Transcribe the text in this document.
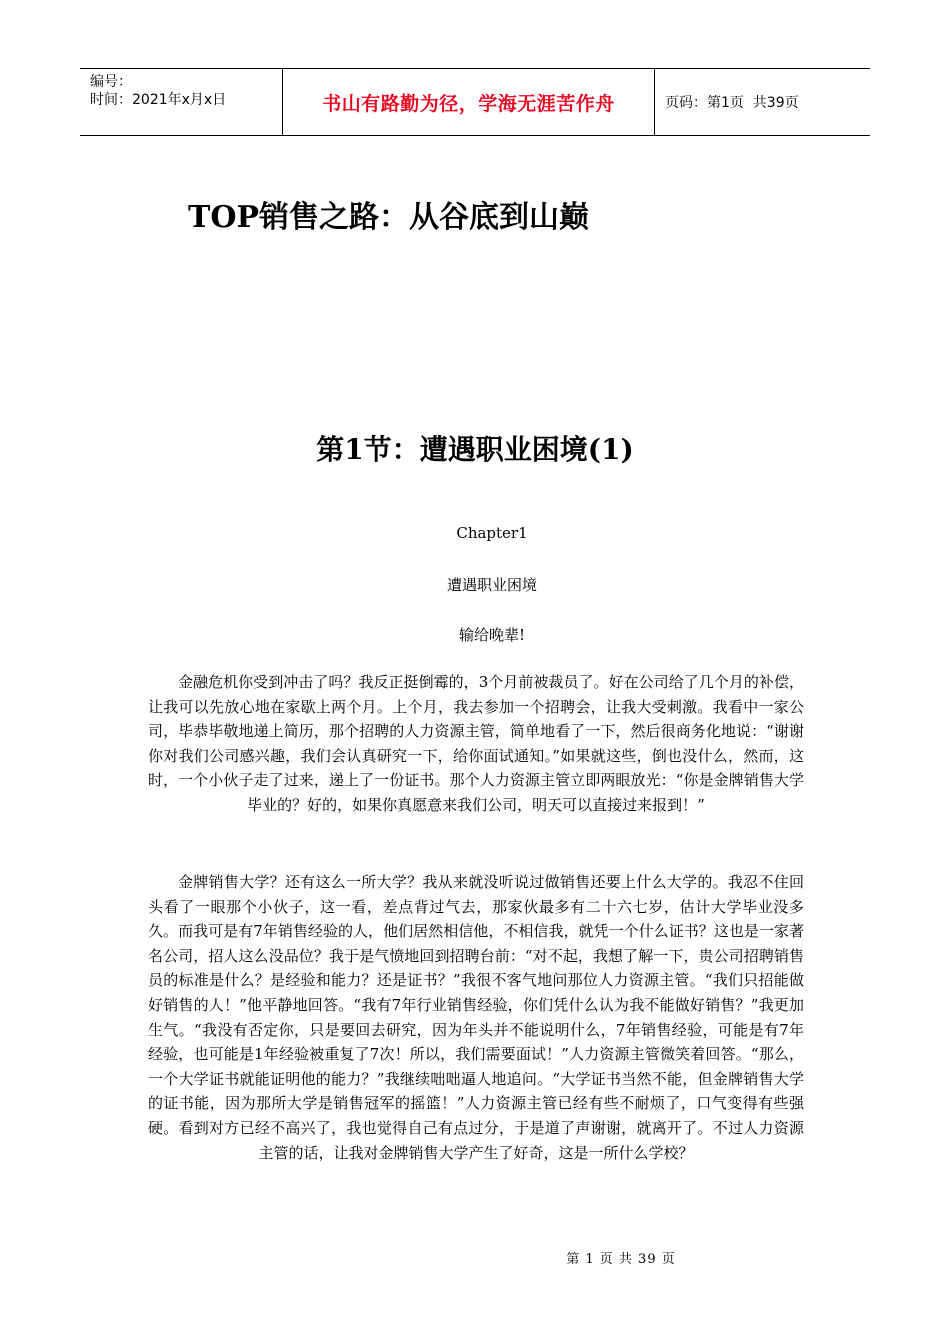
编号：
时间：2021年x月x日	书山有路勤为径，学海无涯苦作舟	页码：第1页  共39页
TOP销售之路：从谷底到山巅
第1节：遭遇职业困境(1)
Chapter1
遭遇职业困境
输给晚辈!

金融危机你受到冲击了吗？我反正挺倒霉的，3个月前被裁员了。好在公司给了几个月的补偿，让我可以先放心地在家歇上两个月。上个月，我去参加一个招聘会，让我大受刺激。我看中一家公司，毕恭毕敬地递上简历，那个招聘的人力资源主管，简单地看了一下，然后很商务化地说：“谢谢你对我们公司感兴趣，我们会认真研究一下，给你面试通知。”如果就这些，倒也没什么，然而，这时，一个小伙子走了过来，递上了一份证书。那个人力资源主管立即两眼放光：“你是金牌销售大学毕业的？好的，如果你真愿意来我们公司，明天可以直接过来报到！”

金牌销售大学？还有这么一所大学？我从来就没听说过做销售还要上什么大学的。我忍不住回头看了一眼那个小伙子，这一看，差点背过气去，那家伙最多有二十六七岁，估计大学毕业没多久。而我可是有7年销售经验的人，他们居然相信他，不相信我，就凭一个什么证书？这也是一家著名公司，招人这么没品位？我于是气愤地回到招聘台前：“对不起，我想了解一下，贵公司招聘销售员的标准是什么？是经验和能力？还是证书？”我很不客气地问那位人力资源主管。“我们只招能做好销售的人！”他平静地回答。“我有7年行业销售经验，你们凭什么认为我不能做好销售？”我更加生气。“我没有否定你，只是要回去研究，因为年头并不能说明什么，7年销售经验，可能是有7年经验，也可能是1年经验被重复了7次！所以，我们需要面试！”人力资源主管微笑着回答。“那么，一个大学证书就能证明他的能力？”我继续咄咄逼人地追问。“大学证书当然不能，但金牌销售大学的证书能，因为那所大学是销售冠军的摇篮！”人力资源主管已经有些不耐烦了，口气变得有些强硬。看到对方已经不高兴了，我也觉得自己有点过分，于是道了声谢谢，就离开了。不过人力资源主管的话，让我对金牌销售大学产生了好奇，这是一所什么学校？

第 1 页 共 39 页
